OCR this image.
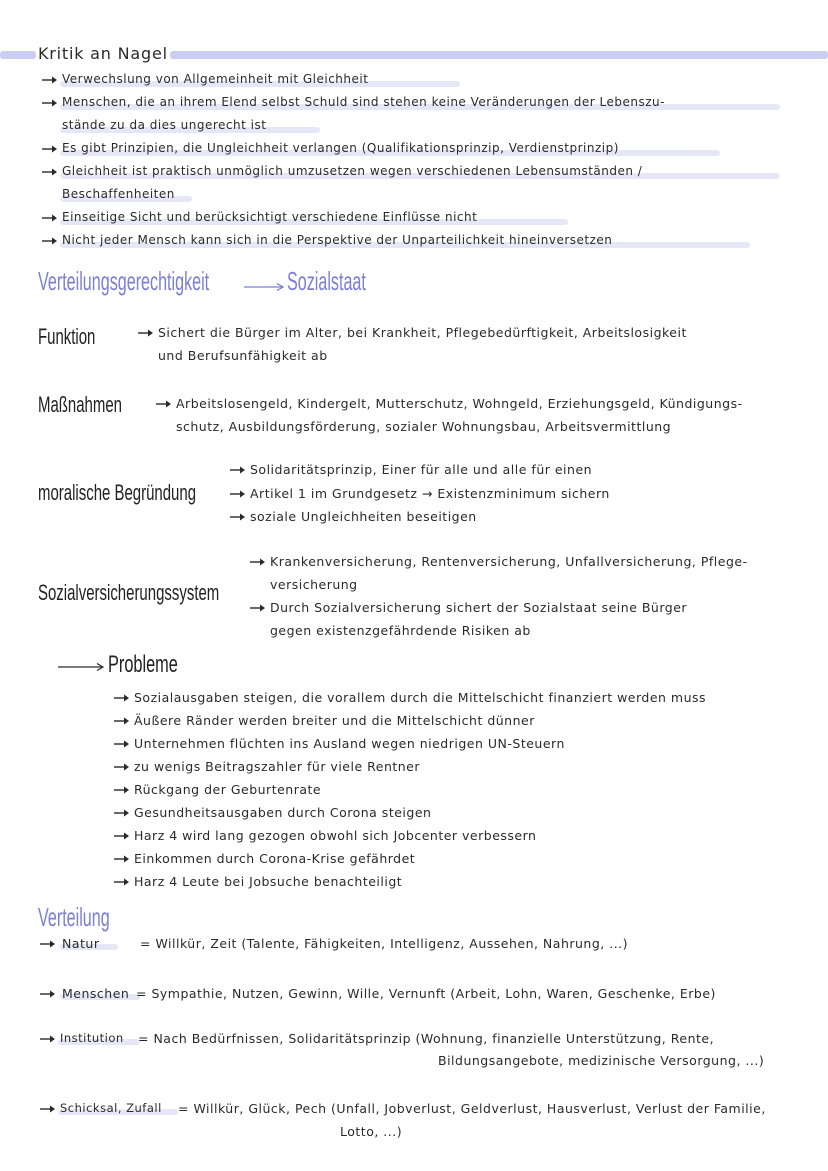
Kritik an Nagel
Verwechslung von Allgemeinheit mit Gleichheit
Menschen, die an ihrem Elend selbst Schuld sind stehen keine Veränderungen der Lebenszu-
stände zu da dies ungerecht ist
Es gibt Prinzipien, die Ungleichheit verlangen (Qualifikationsprinzip, Verdienstprinzip)
Gleichheit ist praktisch unmöglich umzusetzen wegen verschiedenen Lebensumständen /
Beschaffenheiten
Einseitige Sicht und berücksichtigt verschiedene Einflüsse nicht
Nicht jeder Mensch kann sich in die Perspektive der Unparteilichkeit hineinversetzen
Verteilungsgerechtigkeit	Sozialstaat
Funktion	Sichert die Bürger im Alter, bei Krankheit, Pflegebedürftigkeit, Arbeitslosigkeit
und Berufsunfähigkeit ab
Maßnahmen	Arbeitslosengeld, Kindergelt, Mutterschutz, Wohngeld, Erziehungsgeld, Kündigungs-
schutz, Ausbildungsförderung, sozialer Wohnungsbau, Arbeitsvermittlung
moralische Begründung
Solidaritätsprinzip, Einer für alle und alle für einen
Artikel 1 im Grundgesetz → Existenzminimum sichern
soziale Ungleichheiten beseitigen
Sozialversicherungssystem
Krankenversicherung, Rentenversicherung, Unfallversicherung, Pflege-
versicherung
Durch Sozialversicherung sichert der Sozialstaat seine Bürger
gegen existenzgefährdende Risiken ab
Probleme
Sozialausgaben steigen, die vorallem durch die Mittelschicht finanziert werden muss
Äußere Ränder werden breiter und die Mittelschicht dünner
Unternehmen flüchten ins Ausland wegen niedrigen UN-Steuern
zu wenigs Beitragszahler für viele Rentner
Rückgang der Geburtenrate
Gesundheitsausgaben durch Corona steigen
Harz 4 wird lang gezogen obwohl sich Jobcenter verbessern
Einkommen durch Corona-Krise gefährdet
Harz 4 Leute bei Jobsuche benachteiligt
Verteilung
Natur	= Willkür, Zeit (Talente, Fähigkeiten, Intelligenz, Aussehen, Nahrung, ...)
Menschen = Sympathie, Nutzen, Gewinn, Wille, Vernunft (Arbeit, Lohn, Waren, Geschenke, Erbe)
Institution = Nach Bedürfnissen, Solidaritätsprinzip (Wohnung, finanzielle Unterstützung, Rente,
Bildungsangebote, medizinische Versorgung, ...)
Schicksal, Zufall = Willkür, Glück, Pech (Unfall, Jobverlust, Geldverlust, Hausverlust, Verlust der Familie,
Lotto, ...)
